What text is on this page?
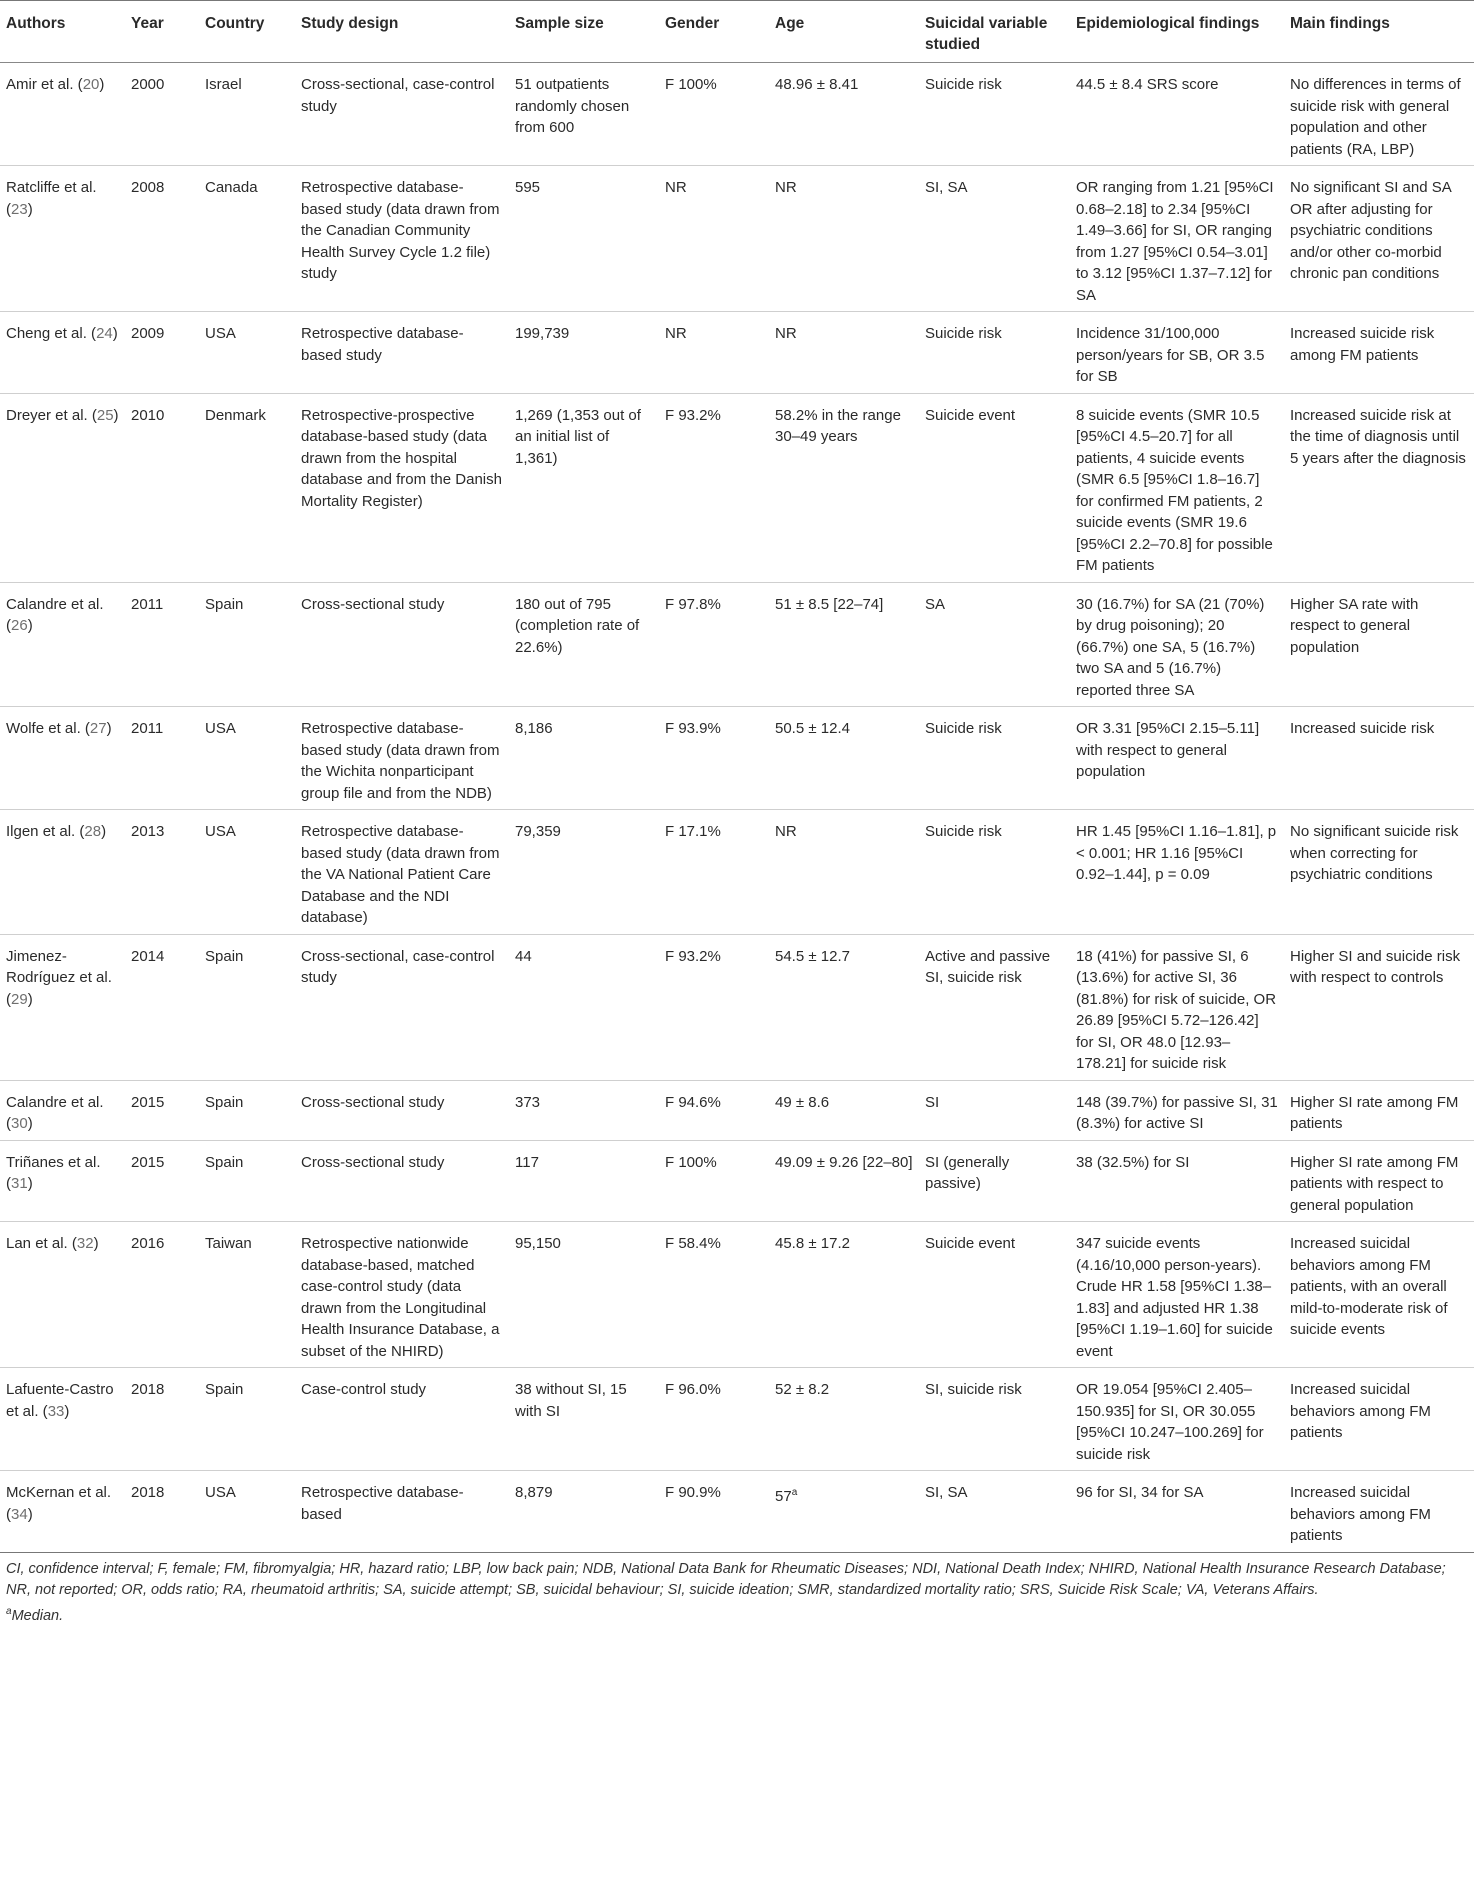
Authors	Year	Country	Study design	Sample size	Gender	Age	Suicidal variable studied	Epidemiological findings	Main findings
Amir et al. (20)	2000	Israel	Cross-sectional, case-control study	51 outpatients randomly chosen from 600	F 100%	48.96 ± 8.41	Suicide risk	44.5 ± 8.4 SRS score	No differences in terms of suicide risk with general population and other patients (RA, LBP)
Ratcliffe et al. (23)	2008	Canada	Retrospective database-based study (data drawn from the Canadian Community Health Survey Cycle 1.2 file) study	595	NR	NR	SI, SA	OR ranging from 1.21 [95%CI 0.68–2.18] to 2.34 [95%CI 1.49–3.66] for SI, OR ranging from 1.27 [95%CI 0.54–3.01] to 3.12 [95%CI 1.37–7.12] for SA	No significant SI and SA OR after adjusting for psychiatric conditions and/or other co-morbid chronic pan conditions
Cheng et al. (24)	2009	USA	Retrospective database-based study	199,739	NR	NR	Suicide risk	Incidence 31/100,000 person/years for SB, OR 3.5 for SB	Increased suicide risk among FM patients
Dreyer et al. (25)	2010	Denmark	Retrospective-prospective database-based study (data drawn from the hospital database and from the Danish Mortality Register)	1,269 (1,353 out of an initial list of 1,361)	F 93.2%	58.2% in the range 30–49 years	Suicide event	8 suicide events (SMR 10.5 [95%CI 4.5–20.7] for all patients, 4 suicide events (SMR 6.5 [95%CI 1.8–16.7] for confirmed FM patients, 2 suicide events (SMR 19.6 [95%CI 2.2–70.8] for possible FM patients	Increased suicide risk at the time of diagnosis until 5 years after the diagnosis
Calandre et al. (26)	2011	Spain	Cross-sectional study	180 out of 795 (completion rate of 22.6%)	F 97.8%	51 ± 8.5 [22–74]	SA	30 (16.7%) for SA (21 (70%) by drug poisoning); 20 (66.7%) one SA, 5 (16.7%) two SA and 5 (16.7%) reported three SA	Higher SA rate with respect to general population
Wolfe et al. (27)	2011	USA	Retrospective database-based study (data drawn from the Wichita nonparticipant group file and from the NDB)	8,186	F 93.9%	50.5 ± 12.4	Suicide risk	OR 3.31 [95%CI 2.15–5.11] with respect to general population	Increased suicide risk
Ilgen et al. (28)	2013	USA	Retrospective database-based study (data drawn from the VA National Patient Care Database and the NDI database)	79,359	F 17.1%	NR	Suicide risk	HR 1.45 [95%CI 1.16–1.81], p < 0.001; HR 1.16 [95%CI 0.92–1.44], p = 0.09	No significant suicide risk when correcting for psychiatric conditions
Jimenez-Rodríguez et al. (29)	2014	Spain	Cross-sectional, case-control study	44	F 93.2%	54.5 ± 12.7	Active and passive SI, suicide risk	18 (41%) for passive SI, 6 (13.6%) for active SI, 36 (81.8%) for risk of suicide, OR 26.89 [95%CI 5.72–126.42] for SI, OR 48.0 [12.93–178.21] for suicide risk	Higher SI and suicide risk with respect to controls
Calandre et al. (30)	2015	Spain	Cross-sectional study	373	F 94.6%	49 ± 8.6	SI	148 (39.7%) for passive SI, 31 (8.3%) for active SI	Higher SI rate among FM patients
Triñanes et al. (31)	2015	Spain	Cross-sectional study	117	F 100%	49.09 ± 9.26 [22–80]	SI (generally passive)	38 (32.5%) for SI	Higher SI rate among FM patients with respect to general population
Lan et al. (32)	2016	Taiwan	Retrospective nationwide database-based, matched case-control study (data drawn from the Longitudinal Health Insurance Database, a subset of the NHIRD)	95,150	F 58.4%	45.8 ± 17.2	Suicide event	347 suicide events (4.16/10,000 person-years). Crude HR 1.58 [95%CI 1.38–1.83] and adjusted HR 1.38 [95%CI 1.19–1.60] for suicide event	Increased suicidal behaviors among FM patients, with an overall mild-to-moderate risk of suicide events
Lafuente-Castro et al. (33)	2018	Spain	Case-control study	38 without SI, 15 with SI	F 96.0%	52 ± 8.2	SI, suicide risk	OR 19.054 [95%CI 2.405–150.935] for SI, OR 30.055 [95%CI 10.247–100.269] for suicide risk	Increased suicidal behaviors among FM patients
McKernan et al. (34)	2018	USA	Retrospective database-based	8,879	F 90.9%	57$^a$	SI, SA	96 for SI, 34 for SA	Increased suicidal behaviors among FM patients
CI, confidence interval; F, female; FM, fibromyalgia; HR, hazard ratio; LBP, low back pain; NDB, National Data Bank for Rheumatic Diseases; NDI, National Death Index; NHIRD, National Health Insurance Research Database; NR, not reported; OR, odds ratio; RA, rheumatoid arthritis; SA, suicide attempt; SB, suicidal behaviour; SI, suicide ideation; SMR, standardized mortality ratio; SRS, Suicide Risk Scale; VA, Veterans Affairs.
$^a$Median.
